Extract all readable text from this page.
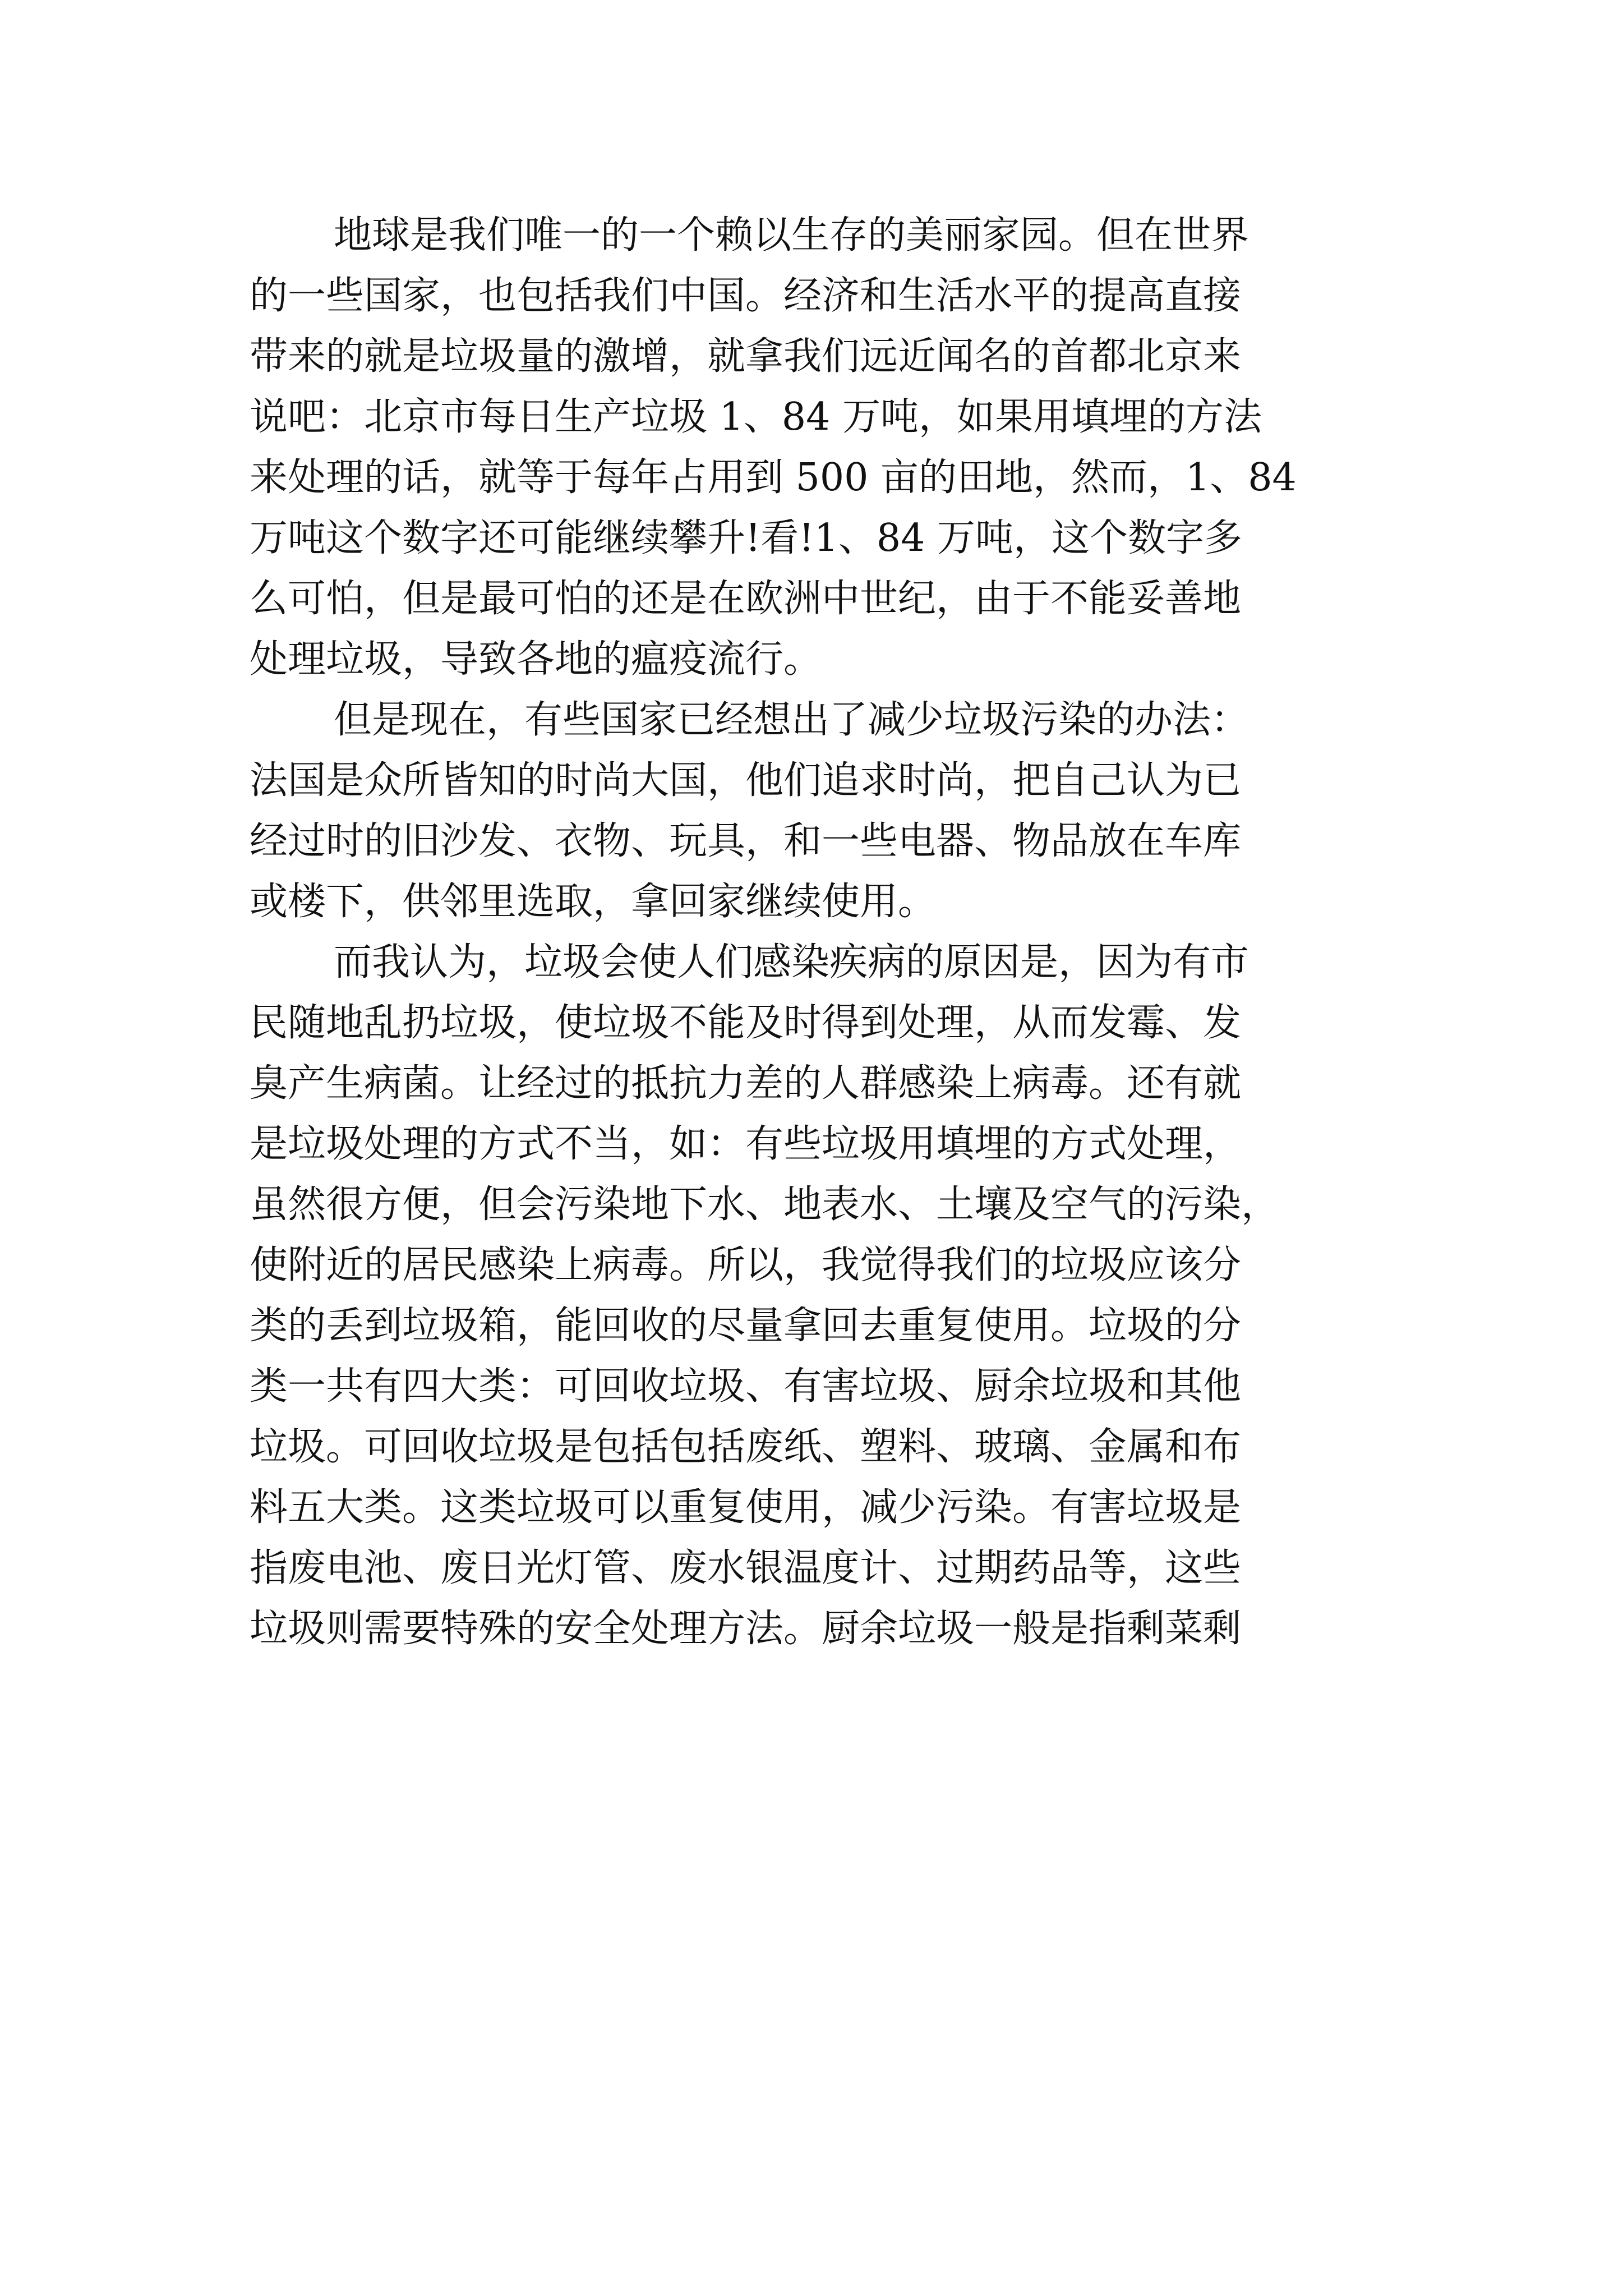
地球是我们唯一的一个赖以生存的美丽家园。但在世界
的一些国家，也包括我们中国。经济和生活水平的提高直接
带来的就是垃圾量的激增，就拿我们远近闻名的首都北京来
说吧：北京市每日生产垃圾 1、84 万吨，如果用填埋的方法
来处理的话，就等于每年占用到 500 亩的田地，然而，1、84
万吨这个数字还可能继续攀升!看!1、84 万吨，这个数字多
么可怕，但是最可怕的还是在欧洲中世纪，由于不能妥善地
处理垃圾，导致各地的瘟疫流行。
但是现在，有些国家已经想出了减少垃圾污染的办法：
法国是众所皆知的时尚大国，他们追求时尚，把自己认为已
经过时的旧沙发、衣物、玩具，和一些电器、物品放在车库
或楼下，供邻里选取，拿回家继续使用。
而我认为，垃圾会使人们感染疾病的原因是，因为有市
民随地乱扔垃圾，使垃圾不能及时得到处理，从而发霉、发
臭产生病菌。让经过的抵抗力差的人群感染上病毒。还有就
是垃圾处理的方式不当，如：有些垃圾用填埋的方式处理，
虽然很方便，但会污染地下水、地表水、土壤及空气的污染，
使附近的居民感染上病毒。所以，我觉得我们的垃圾应该分
类的丢到垃圾箱，能回收的尽量拿回去重复使用。垃圾的分
类一共有四大类：可回收垃圾、有害垃圾、厨余垃圾和其他
垃圾。可回收垃圾是包括包括废纸、塑料、玻璃、金属和布
料五大类。这类垃圾可以重复使用，减少污染。有害垃圾是
指废电池、废日光灯管、废水银温度计、过期药品等，这些
垃圾则需要特殊的安全处理方法。厨余垃圾一般是指剩菜剩
